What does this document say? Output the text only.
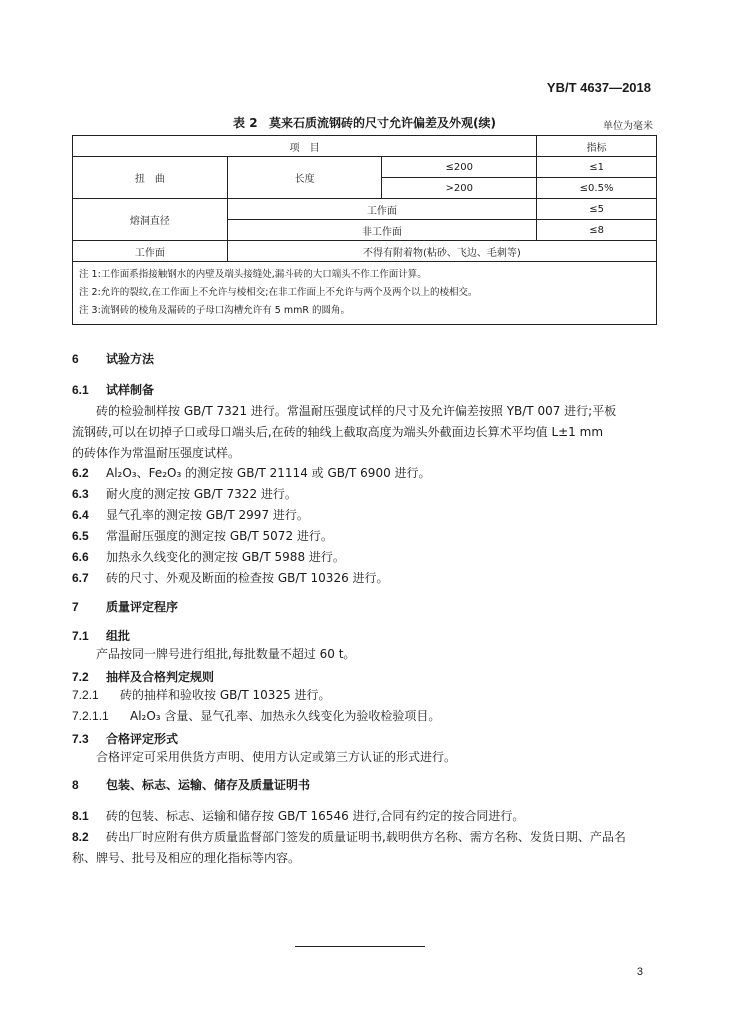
YB/T 4637—2018
表 2 莫来石质流钢砖的尺寸允许偏差及外观(续)	单位为毫米
项　目			指标
扭　曲	长度	≤200	≤1
		>200	≤0.5%
熔洞直径	工作面		≤5
	非工作面		≤8
工作面	不得有附着物(粘砂、飞边、毛刺等)		

注 1:工作面系指接触钢水的内壁及端头接缝处,漏斗砖的大口端头不作工作面计算。
注 2:允许的裂纹,在工作面上不允许与棱相交;在非工作面上不允许与两个及两个以上的棱相交。
注 3:流钢砖的棱角及漏砖的子母口沟槽允许有 5 mmR 的圆角。			
6 试验方法
6.1 试样制备
砖的检验制样按 GB/T 7321 进行。常温耐压强度试样的尺寸及允许偏差按照 YB/T 007 进行;平板
流钢砖,可以在切掉子口或母口端头后,在砖的轴线上截取高度为端头外截面边长算术平均值 L±1 mm
的砖体作为常温耐压强度试样。
6.2 Al₂O₃、Fe₂O₃ 的测定按 GB/T 21114 或 GB/T 6900 进行。
6.3 耐火度的测定按 GB/T 7322 进行。
6.4 显气孔率的测定按 GB/T 2997 进行。
6.5 常温耐压强度的测定按 GB/T 5072 进行。
6.6 加热永久线变化的测定按 GB/T 5988 进行。
6.7 砖的尺寸、外观及断面的检查按 GB/T 10326 进行。
7 质量评定程序
7.1 组批
产品按同一牌号进行组批,每批数量不超过 60 t。
7.2 抽样及合格判定规则
7.2.1 砖的抽样和验收按 GB/T 10325 进行。
7.2.1.1 Al₂O₃ 含量、显气孔率、加热永久线变化为验收检验项目。
7.3 合格评定形式
合格评定可采用供货方声明、使用方认定或第三方认证的形式进行。
8 包装、标志、运输、储存及质量证明书
8.1 砖的包装、标志、运输和储存按 GB/T 16546 进行,合同有约定的按合同进行。
8.2 砖出厂时应附有供方质量监督部门签发的质量证明书,载明供方名称、需方名称、发货日期、产品名
称、牌号、批号及相应的理化指标等内容。
3
